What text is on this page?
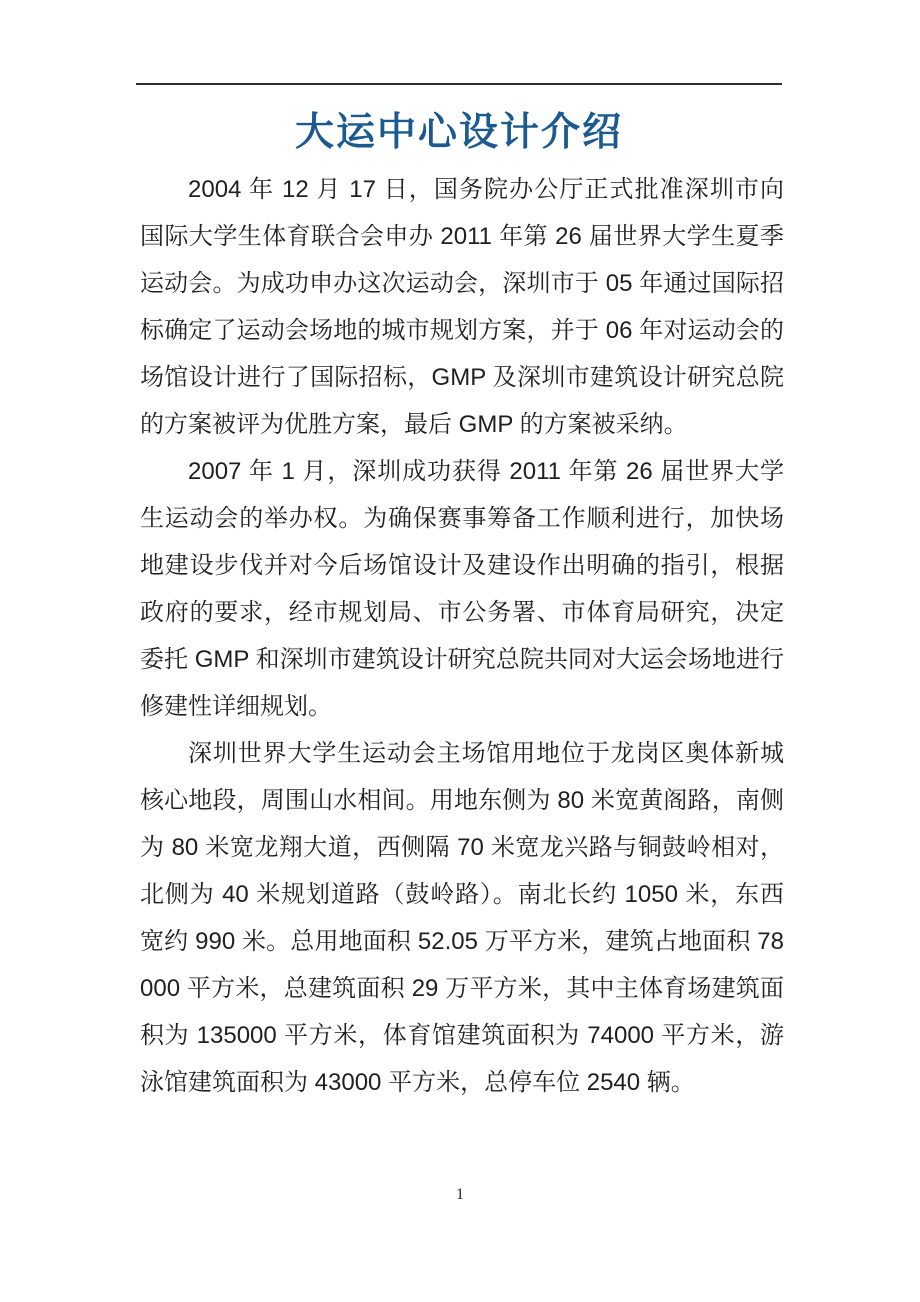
大运中心设计介绍

2004 年 12 月 17 日，国务院办公厅正式批准深圳市向国际大学生体育联合会申办 2011 年第 26 届世界大学生夏季运动会。为成功申办这次运动会，深圳市于 05 年通过国际招标确定了运动会场地的城市规划方案，并于 06 年对运动会的场馆设计进行了国际招标，GMP 及深圳市建筑设计研究总院的方案被评为优胜方案，最后 GMP 的方案被采纳。

2007 年 1 月，深圳成功获得 2011 年第 26 届世界大学生运动会的举办权。为确保赛事筹备工作顺利进行，加快场地建设步伐并对今后场馆设计及建设作出明确的指引，根据政府的要求，经市规划局、市公务署、市体育局研究，决定委托 GMP 和深圳市建筑设计研究总院共同对大运会场地进行修建性详细规划。

深圳世界大学生运动会主场馆用地位于龙岗区奥体新城核心地段，周围山水相间。用地东侧为 80 米宽黄阁路，南侧为 80 米宽龙翔大道，西侧隔 70 米宽龙兴路与铜鼓岭相对，北侧为 40 米规划道路（鼓岭路）。南北长约 1050 米，东西宽约 990 米。总用地面积 52.05 万平方米，建筑占地面积 78000 平方米，总建筑面积 29 万平方米，其中主体育场建筑面积为 135000 平方米，体育馆建筑面积为 74000 平方米，游泳馆建筑面积为 43000 平方米，总停车位 2540 辆。

1
